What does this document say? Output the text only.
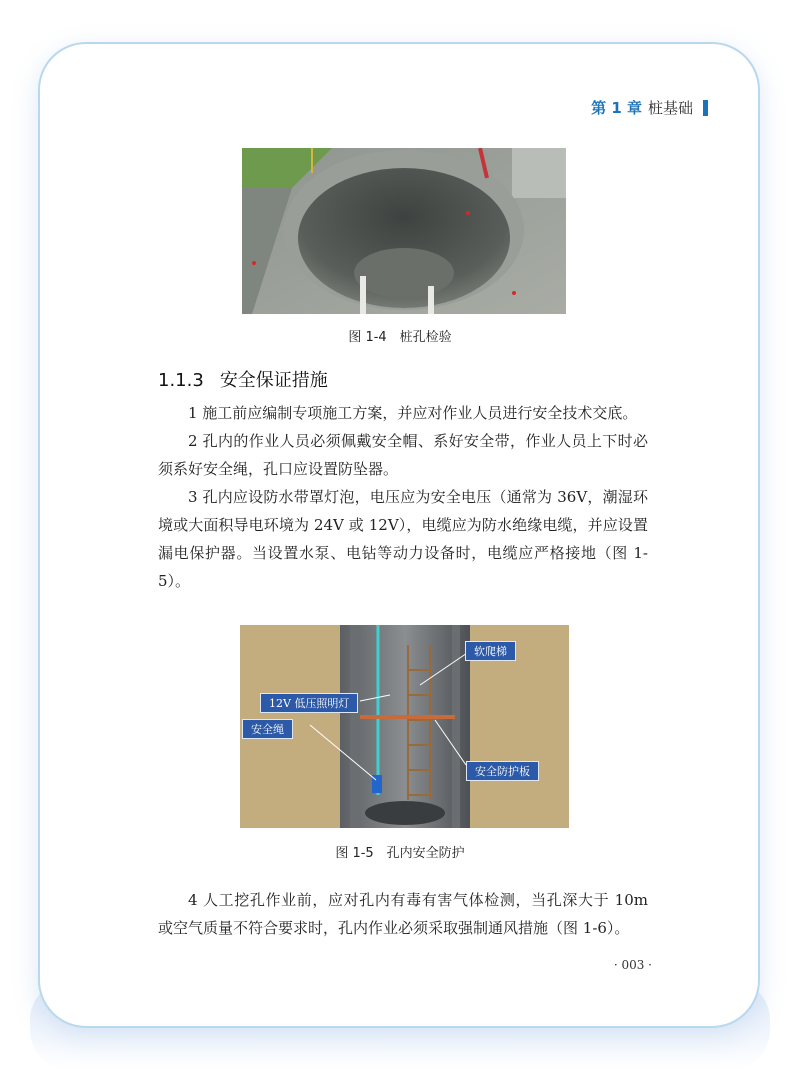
第 1 章 桩基础
图 1-4　桩孔检验
1.1.3 安全保证措施

1 施工前应编制专项施工方案，并应对作业人员进行安全技术交底。

2 孔内的作业人员必须佩戴安全帽、系好安全带，作业人员上下时必须系好安全绳，孔口应设置防坠器。

3 孔内应设防水带罩灯泡，电压应为安全电压（通常为 36V，潮湿环境或大面积导电环境为 24V 或 12V），电缆应为防水绝缘电缆，并应设置漏电保护器。当设置水泵、电钻等动力设备时，电缆应严格接地（图 1-5）。

软爬梯
12V 低压照明灯
安全绳
安全防护板
图 1-5　孔内安全防护

4 人工挖孔作业前，应对孔内有毒有害气体检测，当孔深大于 10m 或空气质量不符合要求时，孔内作业必须采取强制通风措施（图 1-6）。

· 003 ·
